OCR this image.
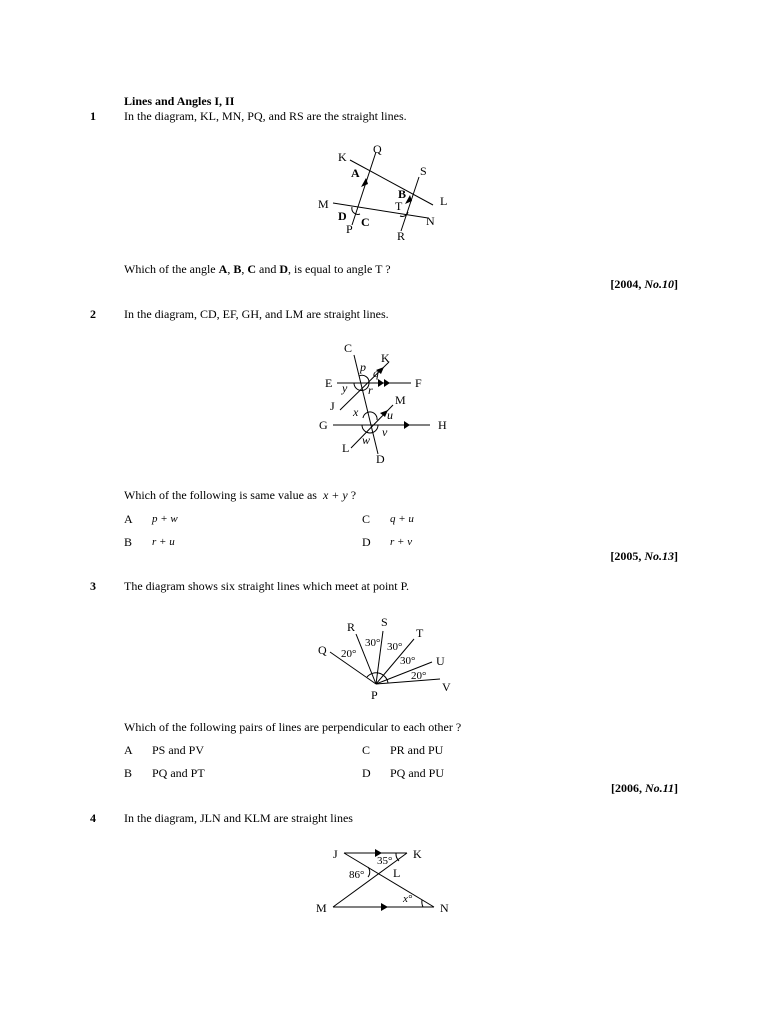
Lines and Angles I, II
1 In the diagram, KL, MN, PQ, and RS are the straight lines.
K
Q
A	S
B
M	T	L
D C	N
P	R
Which of the angle A, B, C and D, is equal to angle T ?
[2004, No.10]
2 In the diagram, CD, EF, GH, and LM are straight lines.
C
K
p q
E y r	F
J x
M
u
G	v	H
L
w
D
Which of the following is same value as x + y ?
A p + w
B r + u
C q + u
D r + v
[2005, No.13]
3 The diagram shows six straight lines which meet at point P.
R S
T
Q
U
V
P
20°
30° 30°
30°
20°
Which of the following pairs of lines are perpendicular to each other ?
A PS and PV
B PQ and PT
C PR and PU
D PQ and PU
[2006, No.11]
4 In the diagram, JLN and KLM are straight lines
J	K
35°
86° L
x°
M	N
